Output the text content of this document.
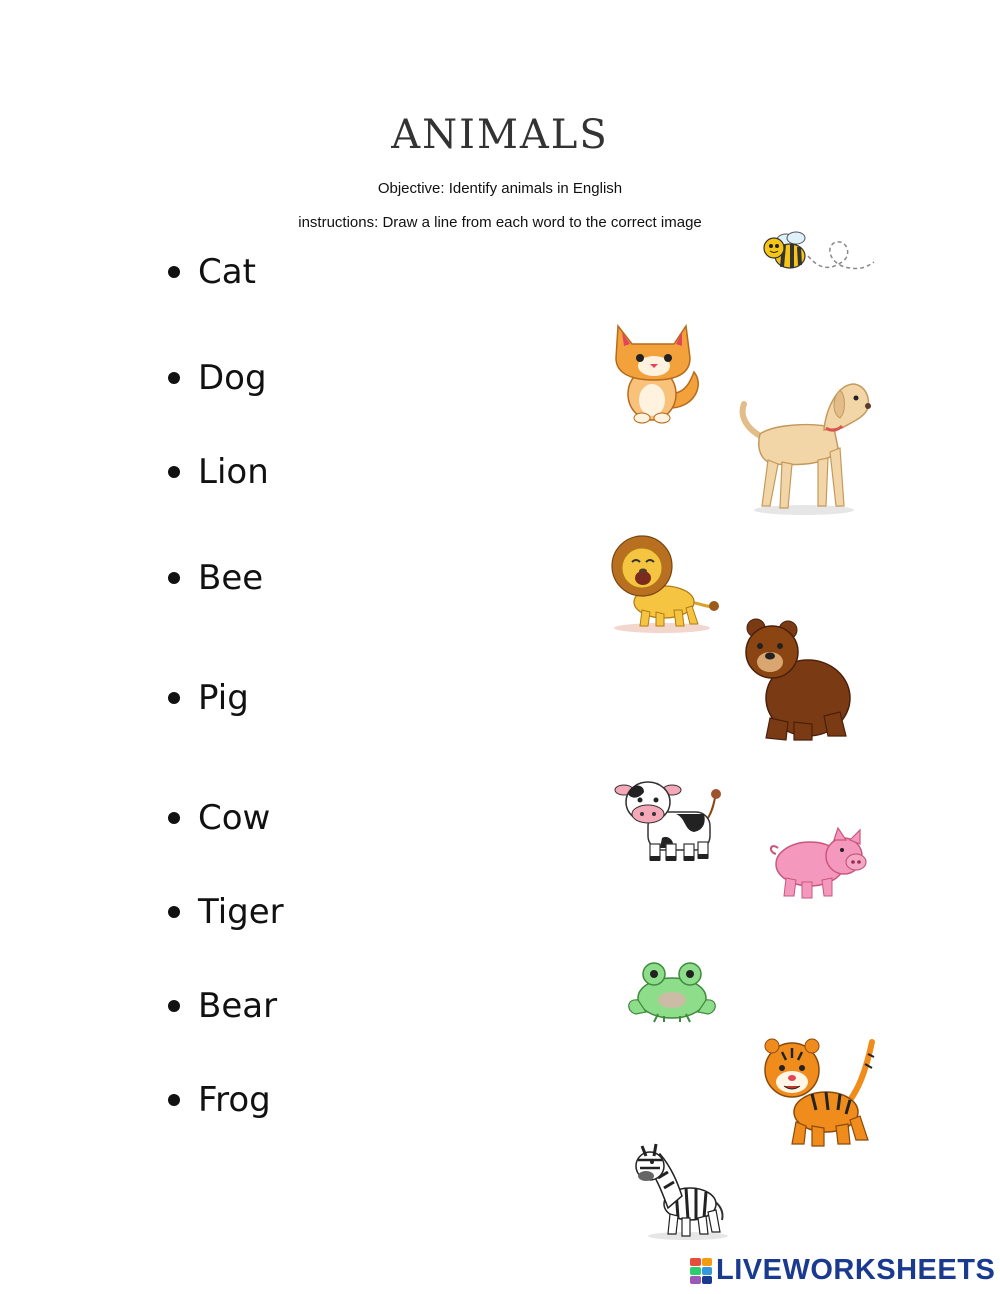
ANIMALS
Objective: Identify animals in English
instructions: Draw a line from each word to the correct image
Cat
Dog
Lion
Bee
Pig
Cow
Tiger
Bear
Frog
LIVEWORKSHEETS
